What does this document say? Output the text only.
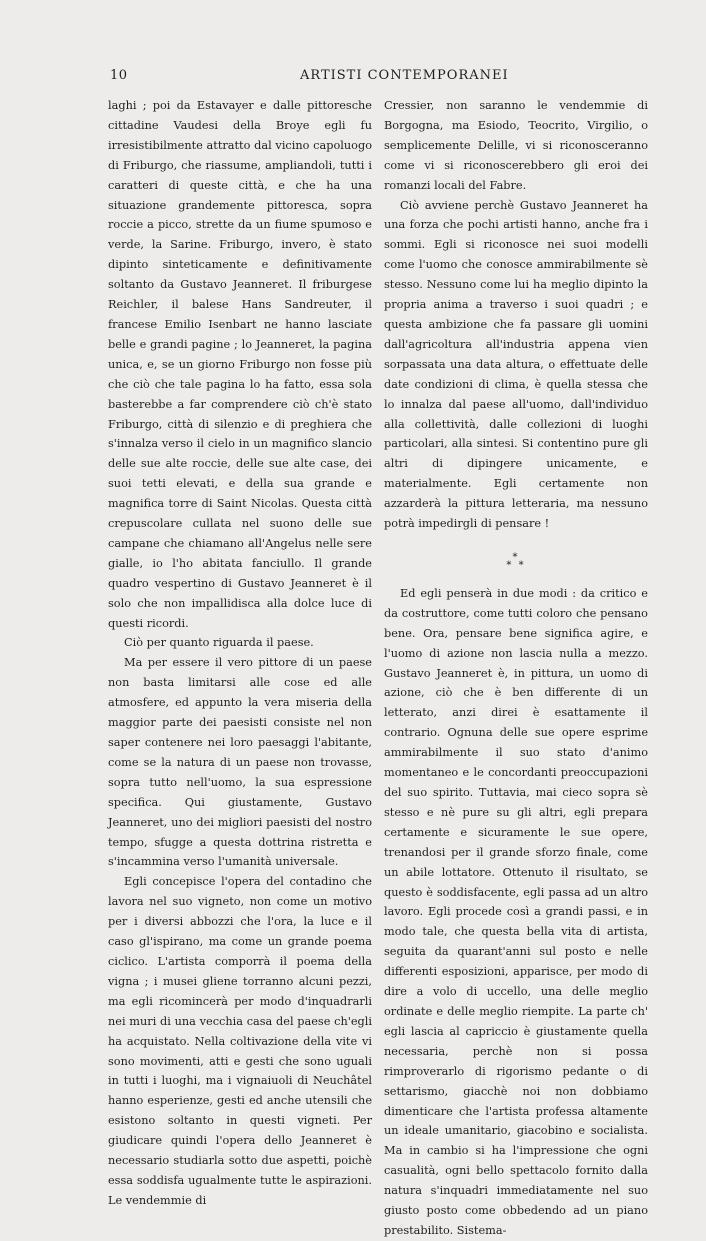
10	ARTISTI CONTEMPORANEI

laghi ; poi da Estavayer e dalle pittoresche cittadine Vaudesi della Broye egli fu irresistibilmente attratto dal vicino capoluogo di Friburgo, che riassume, ampliandoli, tutti i caratteri di queste città, e che ha una situazione grandemente pittoresca, sopra roccie a picco, strette da un fiume spumoso e verde, la Sarine. Friburgo, invero, è stato dipinto sinteticamente e definitivamente soltanto da Gustavo Jeanneret. Il friburgese Reichler, il balese Hans Sandreuter, il francese Emilio Isenbart ne hanno lasciate belle e grandi pagine ; lo Jeanneret, la pagina unica, e, se un giorno Friburgo non fosse più che ciò che tale pagina lo ha fatto, essa sola basterebbe a far comprendere ciò ch'è stato Friburgo, città di silenzio e di preghiera che s'innalza verso il cielo in un magnifico slancio delle sue alte roccie, delle sue alte case, dei suoi tetti elevati, e della sua grande e magnifica torre di Saint Nicolas. Questa città crepuscolare cullata nel suono delle sue campane che chiamano all'Angelus nelle sere gialle, io l'ho abitata fanciullo. Il grande quadro vespertino di Gustavo Jeanneret è il solo che non impallidisca alla dolce luce di questi ricordi.

Ciò per quanto riguarda il paese.

Ma per essere il vero pittore di un paese non basta limitarsi alle cose ed alle atmosfere, ed appunto la vera miseria della maggior parte dei paesisti consiste nel non saper contenere nei loro paesaggi l'abitante, come se la natura di un paese non trovasse, sopra tutto nell'uomo, la sua espressione specifica. Qui giustamente, Gustavo Jeanneret, uno dei migliori paesisti del nostro tempo, sfugge a questa dottrina ristretta e s'incammina verso l'umanità universale.

Egli concepisce l'opera del contadino che lavora nel suo vigneto, non come un motivo per i diversi abbozzi che l'ora, la luce e il caso gl'ispirano, ma come un grande poema ciclico. L'artista comporrà il poema della vigna ; i musei gliene torranno alcuni pezzi, ma egli ricomincerà per modo d'inquadrarli nei muri di una vecchia casa del paese ch'egli ha acquistato. Nella coltivazione della vite vi sono movimenti, atti e gesti che sono uguali in tutti i luoghi, ma i vignaiuoli di Neuchâtel hanno esperienze, gesti ed anche utensili che esistono soltanto in questi vigneti. Per giudicare quindi l'opera dello Jeanneret è necessario studiarla sotto due aspetti, poichè essa soddisfa ugualmente tutte le aspirazioni. Le vendemmie di

Cressier, non saranno le vendemmie di Borgogna, ma Esiodo, Teocrito, Virgilio, o semplicemente Delille, vi si riconosceranno come vi si riconoscerebbero gli eroi dei romanzi locali del Fabre.

Ciò avviene perchè Gustavo Jeanneret ha una forza che pochi artisti hanno, anche fra i sommi. Egli si riconosce nei suoi modelli come l'uomo che conosce ammirabilmente sè stesso. Nessuno come lui ha meglio dipinto la propria anima a traverso i suoi quadri ; e questa ambizione che fa passare gli uomini dall'agricoltura all'industria appena vien sorpassata una data altura, o effettuate delle date condizioni di clima, è quella stessa che lo innalza dal paese all'uomo, dall'individuo alla collettività, dalle collezioni di luoghi particolari, alla sintesi. Si contentino pure gli altri di dipingere unicamente, e materialmente. Egli certamente non azzarderà la pittura letteraria, ma nessuno potrà impedirgli di pensare !

*
* *

Ed egli penserà in due modi : da critico e da costruttore, come tutti coloro che pensano bene. Ora, pensare bene significa agire, e l'uomo di azione non lascia nulla a mezzo. Gustavo Jeanneret è, in pittura, un uomo di azione, ciò che è ben differente di un letterato, anzi direi è esattamente il contrario. Ognuna delle sue opere esprime ammirabilmente il suo stato d'animo momentaneo e le concordanti preoccupazioni del suo spirito. Tuttavia, mai cieco sopra sè stesso e nè pure su gli altri, egli prepara certamente e sicuramente le sue opere, trenandosi per il grande sforzo finale, come un abile lottatore. Ottenuto il risultato, se questo è soddisfacente, egli passa ad un altro lavoro. Egli procede così a grandi passi, e in modo tale, che questa bella vita di artista, seguita da quarant'anni sul posto e nelle differenti esposizioni, apparisce, per modo di dire a volo di uccello, una delle meglio ordinate e delle meglio riempite. La parte ch' egli lascia al capriccio è giustamente quella necessaria, perchè non si possa rimproverarlo di rigorismo pedante o di settarismo, giacchè noi non dobbiamo dimenticare che l'artista professa altamente un ideale umanitario, giacobino e socialista. Ma in cambio si ha l'impressione che ogni casualità, ogni bello spettacolo fornito dalla natura s'inquadri immediatamente nel suo giusto posto come obbedendo ad un piano prestabilito. Sistema-
